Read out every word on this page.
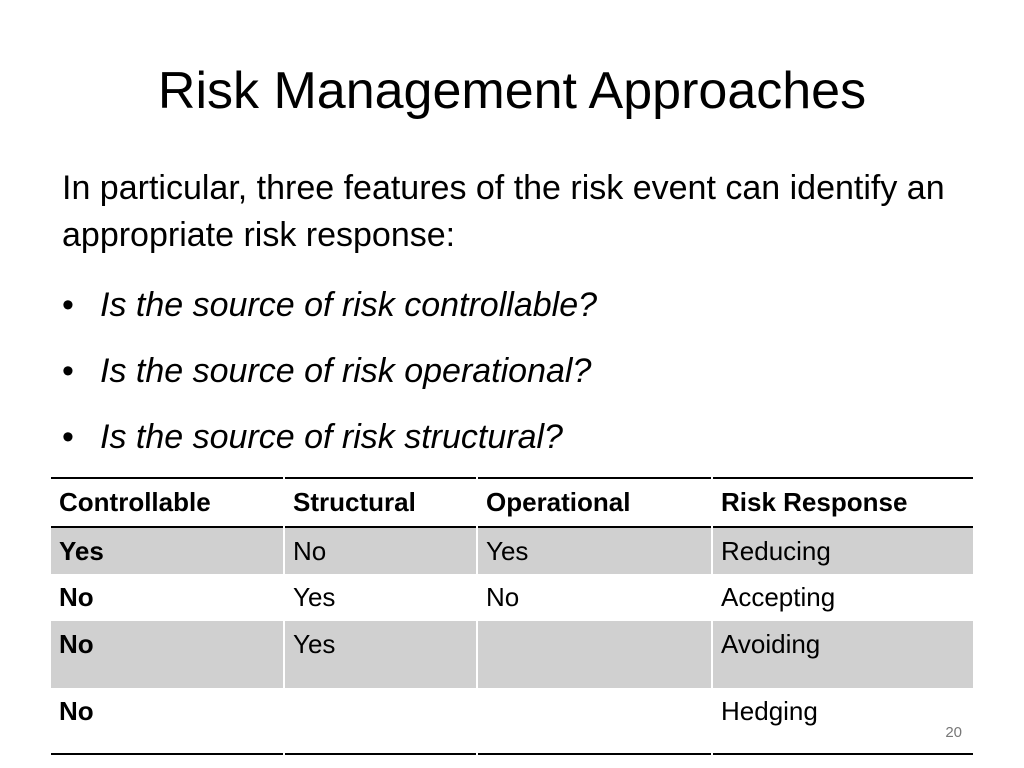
Risk Management Approaches

In particular, three features of the risk event can identify an appropriate risk response:

• Is the source of risk controllable?
• Is the source of risk operational?
• Is the source of risk structural?
Controllable	Structural	Operational	Risk Response
Yes	No	Yes	Reducing
No	Yes	No	Accepting
No	Yes		Avoiding
No			Hedging
20
